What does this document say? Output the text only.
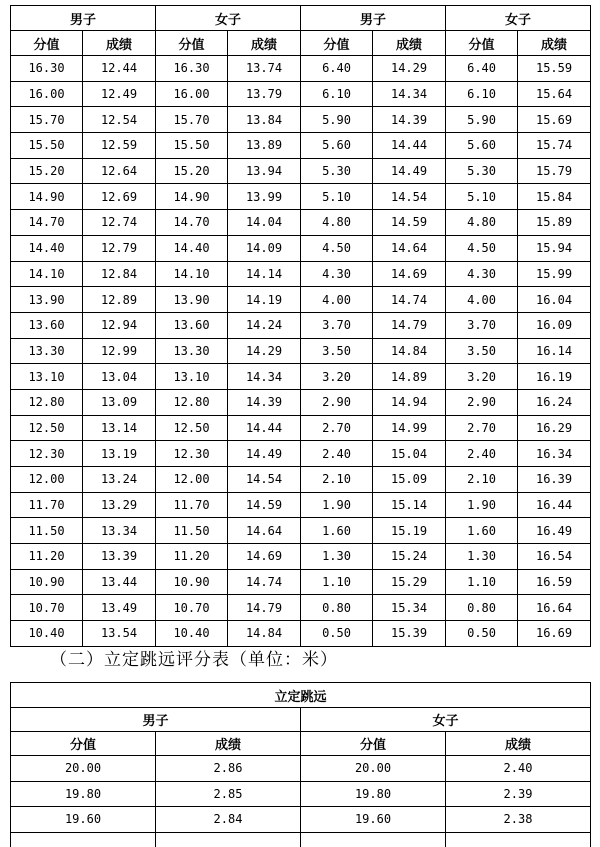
男子		女子		男子		女子	
分值	成绩	分值	成绩	分值	成绩	分值	成绩
16.30	12.44	16.30	13.74	6.40	14.29	6.40	15.59
16.00	12.49	16.00	13.79	6.10	14.34	6.10	15.64
15.70	12.54	15.70	13.84	5.90	14.39	5.90	15.69
15.50	12.59	15.50	13.89	5.60	14.44	5.60	15.74
15.20	12.64	15.20	13.94	5.30	14.49	5.30	15.79
14.90	12.69	14.90	13.99	5.10	14.54	5.10	15.84
14.70	12.74	14.70	14.04	4.80	14.59	4.80	15.89
14.40	12.79	14.40	14.09	4.50	14.64	4.50	15.94
14.10	12.84	14.10	14.14	4.30	14.69	4.30	15.99
13.90	12.89	13.90	14.19	4.00	14.74	4.00	16.04
13.60	12.94	13.60	14.24	3.70	14.79	3.70	16.09
13.30	12.99	13.30	14.29	3.50	14.84	3.50	16.14
13.10	13.04	13.10	14.34	3.20	14.89	3.20	16.19
12.80	13.09	12.80	14.39	2.90	14.94	2.90	16.24
12.50	13.14	12.50	14.44	2.70	14.99	2.70	16.29
12.30	13.19	12.30	14.49	2.40	15.04	2.40	16.34
12.00	13.24	12.00	14.54	2.10	15.09	2.10	16.39
11.70	13.29	11.70	14.59	1.90	15.14	1.90	16.44
11.50	13.34	11.50	14.64	1.60	15.19	1.60	16.49
11.20	13.39	11.20	14.69	1.30	15.24	1.30	16.54
10.90	13.44	10.90	14.74	1.10	15.29	1.10	16.59
10.70	13.49	10.70	14.79	0.80	15.34	0.80	16.64
10.40	13.54	10.40	14.84	0.50	15.39	0.50	16.69
（二）立定跳远评分表（单位：米）
立定跳远			
男子		女子	
分值	成绩	分值	成绩
20.00	2.86	20.00	2.40
19.80	2.85	19.80	2.39
19.60	2.84	19.60	2.38
